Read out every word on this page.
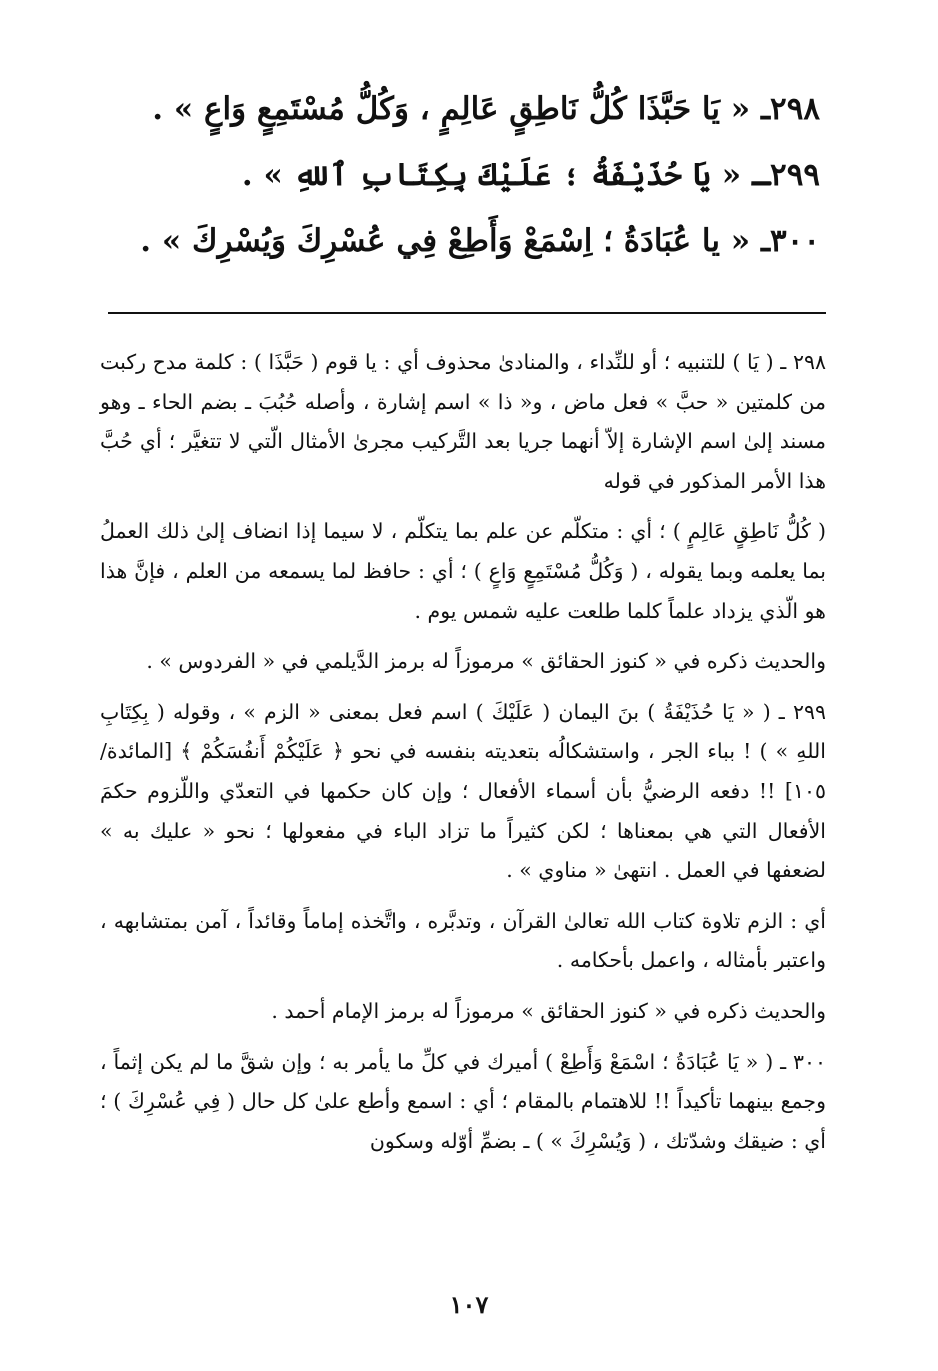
٢٩٨ـ « يَا حَبَّذَا كُلُّ نَاطِقٍ عَالِمٍ ، وَكُلُّ مُسْتَمِعٍ وَاعٍ » .
٢٩٩ـ « يَا حُذَيْفَةُ ؛ عَلَيْكَ بِكِتَابِ ٱللهِ » .
٣٠٠ـ « يا عُبَادَةُ ؛ اِسْمَعْ وَأَطِعْ فِي عُسْرِكَ وَيُسْرِكَ » .

٢٩٨ ـ ( يَا ) للتنبيه ؛ أو للنِّداء ، والمنادىٰ محذوف أي : يا قوم ( حَبَّذَا ) : كلمة مدح ركبت من كلمتين « حبَّ » فعل ماض ، و« ذا » اسم إشارة ، وأصله حُبُبَ ـ بضم الحاء ـ وهو مسند إلىٰ اسم الإشارة إلاّ أنهما جريا بعد التَّركيب مجرىٰ الأمثال الّتي لا تتغيَّر ؛ أي حُبَّ هذا الأمر المذكور في قوله

( كُلُّ نَاطِقٍ عَالِمٍ ) ؛ أي : متكلّم عن علم بما يتكلّم ، لا سيما إذا انضاف إلىٰ ذلك العملُ بما يعلمه وبما يقوله ، ( وَكُلُّ مُسْتَمِعٍ وَاعٍ ) ؛ أي : حافظ لما يسمعه من العلم ، فإنَّ هذا هو الّذي يزداد علماً كلما طلعت عليه شمس يوم .

والحديث ذكره في « كنوز الحقائق » مرموزاً له برمز الدَّيلمي في « الفردوس » .

٢٩٩ ـ ( « يَا حُذَيْفَةُ ) بنَ اليمان ( عَلَيْكَ ) اسم فعل بمعنى « الزم » ، وقوله ( بِكِتَابِ اللهِ » ) ! بباء الجر ، واستشكالُه بتعديته بنفسه في نحو ﴿ عَلَيْكُمْ أَنفُسَكُمْ ﴾ [المائدة/ ١٠٥] !! دفعه الرضيُّ بأن أسماء الأفعال ؛ وإن كان حكمها في التعدّي واللّزوم حكمَ الأفعال التي هي بمعناها ؛ لكن كثيراً ما تزاد الباء في مفعولها ؛ نحو « عليك به » لضعفها في العمل . انتهىٰ « مناوي » .

أي : الزم تلاوة كتاب الله تعالىٰ القرآن ، وتدبَّره ، واتَّخذه إماماً وقائداً ، آمن بمتشابهه ، واعتبر بأمثاله ، واعمل بأحكامه .

والحديث ذكره في « كنوز الحقائق » مرموزاً له برمز الإمام أحمد .

٣٠٠ ـ ( « يَا عُبَادَةُ ؛ اسْمَعْ وَأَطِعْ ) أميرك في كلِّ ما يأمر به ؛ وإن شقَّ ما لم يكن إثماً ، وجمع بينهما تأكيداً !! للاهتمام بالمقام ؛ أي : اسمع وأطع علىٰ كل حال ( فِي عُسْرِكَ ) ؛ أي : ضيقك وشدّتك ، ( وَيُسْرِكَ » ) ـ بضمِّ أوّله وسكون

١٠٧
